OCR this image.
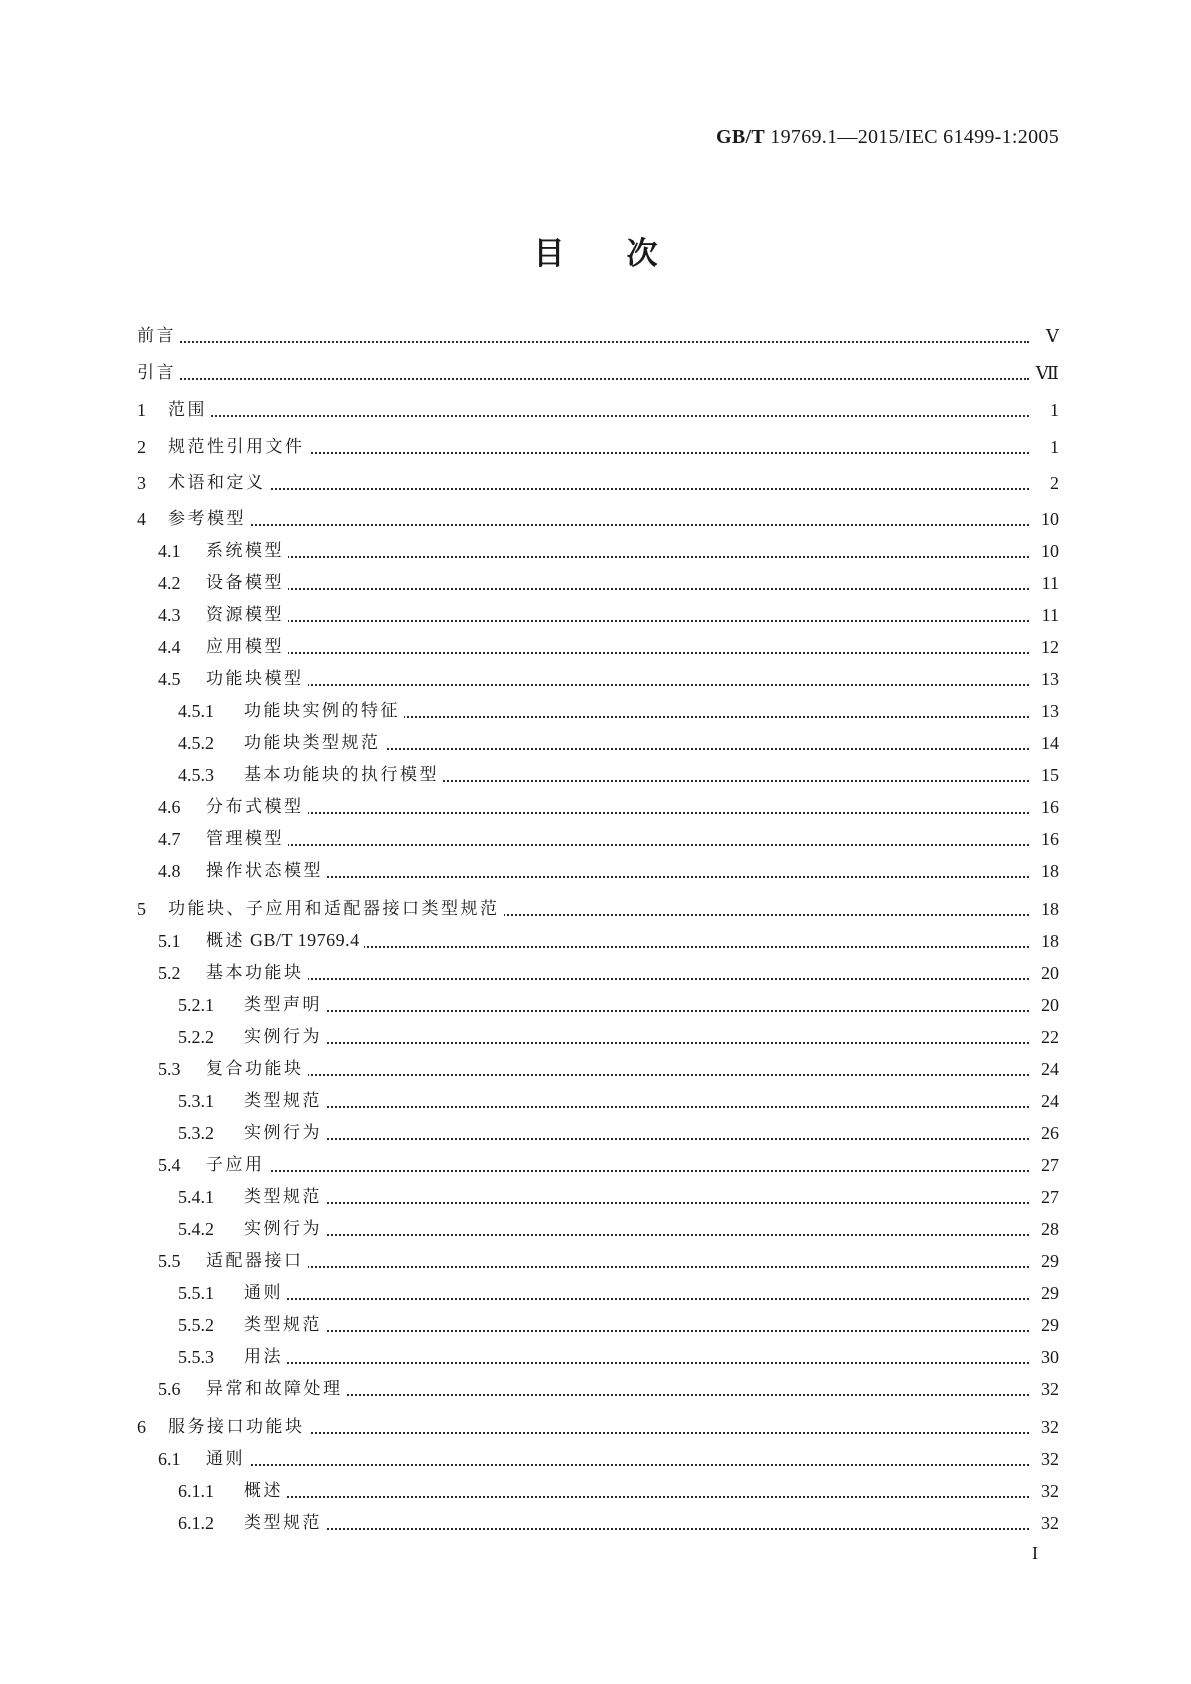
GB/T 19769.1—2015/IEC 61499-1:2005
目次
前言	Ⅴ
引言	Ⅶ
1 范围	1
2 规范性引用文件	1
3 术语和定义	2
4 参考模型	10
4.1 系统模型	10
4.2 设备模型	11
4.3 资源模型	11
4.4 应用模型	12
4.5 功能块模型	13
4.5.1 功能块实例的特征	13
4.5.2 功能块类型规范	14
4.5.3 基本功能块的执行模型	15
4.6 分布式模型	16
4.7 管理模型	16
4.8 操作状态模型	18
5 功能块、子应用和适配器接口类型规范	18
5.1 概述 GB/T 19769.4	18
5.2 基本功能块	20
5.2.1 类型声明	20
5.2.2 实例行为	22
5.3 复合功能块	24
5.3.1 类型规范	24
5.3.2 实例行为	26
5.4 子应用	27
5.4.1 类型规范	27
5.4.2 实例行为	28
5.5 适配器接口	29
5.5.1 通则	29
5.5.2 类型规范	29
5.5.3 用法	30
5.6 异常和故障处理	32
6 服务接口功能块	32
6.1 通则	32
6.1.1 概述	32
6.1.2 类型规范	32
I
